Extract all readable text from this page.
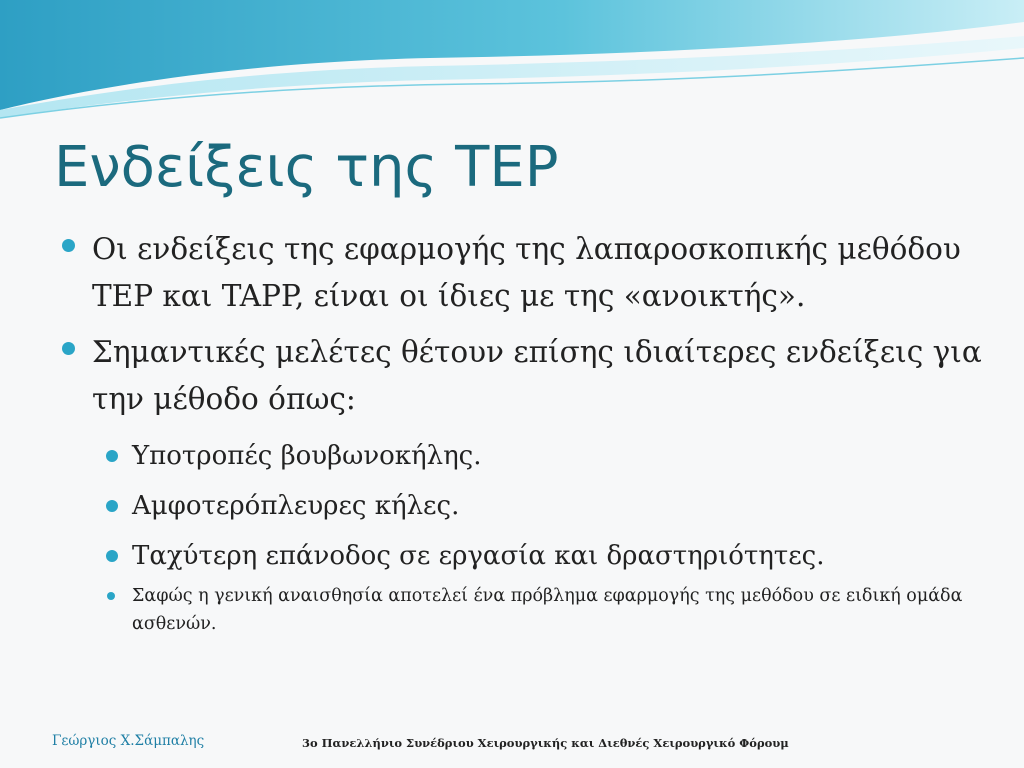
Ενδείξεις της TEP
Οι ενδείξεις της εφαρμογής της λαπαροσκοπικής μεθόδου TEP και TAPP, είναι οι ίδιες με της «ανοικτής».
Σημαντικές μελέτες θέτουν επίσης ιδιαίτερες ενδείξεις για την μέθοδο όπως:
Υποτροπές βουβωνοκήλης.
Αμφοτερόπλευρες κήλες.
Ταχύτερη επάνοδος σε εργασία και δραστηριότητες.
Σαφώς η γενική αναισθησία αποτελεί ένα πρόβλημα εφαρμογής της μεθόδου σε ειδική ομάδα ασθενών.
Γεώργιος Χ.Σάμπαλης	3ο Πανελλήνιο Συνέδριου Χειρουργικής και Διεθνές Χειρουργικό Φόρουμ
